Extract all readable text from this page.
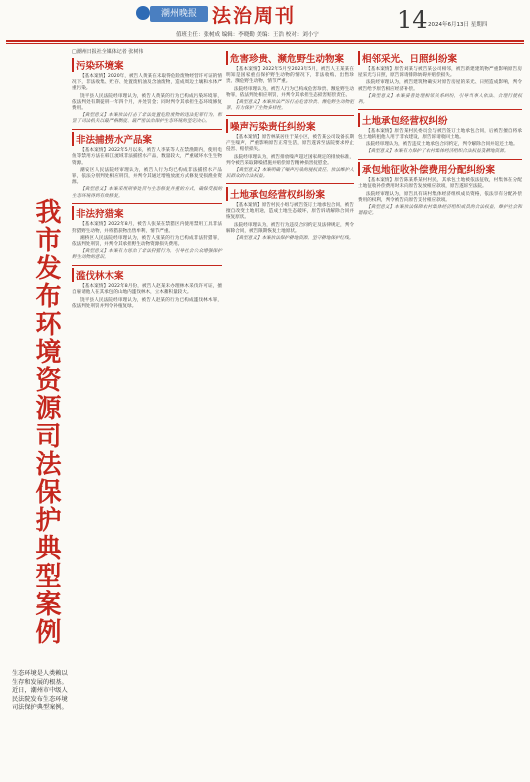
潮州晚报 法治周刊	14 2024年6月13日 星期四
值班主任：张树成 编辑：李晓勤 美编：王浩 校对：刘小宁
我市发布环境资源司法保护典型案例
生态环境是人类赖以生存和发展的根基。近日，潮州市中级人民法院发布生态环境司法保护典型案例。
□潮州日报社全媒体记者 张树伟
污染环境案

【基本案情】2020年，被告人黄某在未取得危险废物经营许可证的情况下，非法收集、贮存、处置废机油及含油废物，造成周边土壤和水体严重污染。

饶平县人民法院经审理认为，被告人黄某的行为已构成污染环境罪，依法判处有期徒刑一年四个月，并处罚金；同时判令其承担生态环境修复费用。

【典型意义】本案依法打击了非法处置危险废物的违法犯罪行为，彰显了司法机关以最严格制度、最严密法治保护生态环境的坚定决心。

非法捕捞水产品案

【基本案情】2022年5月以来，被告人李某等人在禁渔期内，使用电鱼等禁用方法在韩江流域非法捕捞水产品，数量较大，严重破坏水生生物资源。

潮安区人民法院经审理认为，被告人行为均已构成非法捕捞水产品罪，依法分别判处相应刑罚，并判令其通过增殖放流方式修复受损渔业资源。

【典型意义】本案采用刑事处罚与生态修复并重的方式，确保受损的生态环境得到有效修复。

非法狩猎案

【基本案情】2022年8月，被告人张某在禁猎区内使用禁用工具非法狩猎野生动物，并将猎获物出售牟利，情节严重。

湘桥区人民法院经审理认为，被告人张某的行为已构成非法狩猎罪，依法判处刑罚，并判令其承担野生动物资源损失费用。

【典型意义】本案有力惩治了非法狩猎行为，引导社会公众增强保护野生动物的意识。

滥伐林木案

【基本案情】2022年8月份，被告人赵某未办理林木采伐许可证，擅自雇请他人在其承包的山地内滥伐林木，立木蓄积量较大。

饶平县人民法院经审理认为，被告人赵某的行为已构成滥伐林木罪，依法判处刑罚并判令补植复绿。

危害珍贵、濒危野生动物案

【基本案情】2022年5月至2023年5月，被告人王某某在明知是国家重点保护野生动物的情况下，非法收购、出售珍贵、濒危野生动物，情节严重。

法院经审理认为，被告人行为已构成危害珍贵、濒危野生动物罪，依法判处相应刑罚，并判令其承担生态损害赔偿责任。

【典型意义】本案依法严厉打击危害珍贵、濒危野生动物犯罪，有力保护了生物多样性。

噪声污染责任纠纷案

【基本案情】原告林某居住于某小区，被告某公司设备长期产生噪声，严重影响原告正常生活，原告遂诉至法院要求停止侵害、赔偿损失。

法院经审理认为，被告排放噪声超过国家规定的排放标准，判令被告采取降噪措施并赔偿原告精神损害抚慰金。

【典型意义】本案明确了噪声污染的侵权责任，依法维护人民群众的合法权益。

土地承包经营权纠纷案

【基本案情】原告村民小组与被告签订土地承包合同，被告擅自改变土地用途，造成土地生态破坏，原告诉请解除合同并恢复原状。

法院经审理认为，被告行为违反合同约定及法律规定，判令解除合同，被告限期恢复土地原状。

【典型意义】本案依法保护耕地资源，坚守耕地保护红线。

相邻采光、日照纠纷案

【基本案情】原告刘某与被告某公司相邻，被告新建建筑物严重影响原告房屋采光与日照，原告诉请排除妨碍并赔偿损失。

法院经审理认为，被告建筑物确实对原告房屋的采光、日照造成影响，判令被告给予原告相应经济补偿。

【典型意义】本案妥善处理相邻关系纠纷，引导当事人依法、合理行使权利。

土地承包经营权纠纷

【基本案情】原告某村民委员会与被告签订土地承包合同，后被告擅自将承包土地转租他人用于非农建设，原告诉请收回土地。

法院经审理认为，被告违反土地承包合同约定，判令解除合同并返还土地。

【典型意义】本案有力保护了农村集体经济组织合法权益及耕地资源。

承包地征收补偿费用分配纠纷案

【基本案情】原告陈某系某村村民，其承包土地被依法征收，村集体在分配土地征收补偿费用时未向原告发放相应款项，原告遂诉至法院。

法院经审理认为，原告具有该村集体经济组织成员资格，依法享有分配补偿费用的权利，判令被告向原告支付相应款项。

【典型意义】本案依法保障农村集体经济组织成员的合法权益，维护社会和谐稳定。
